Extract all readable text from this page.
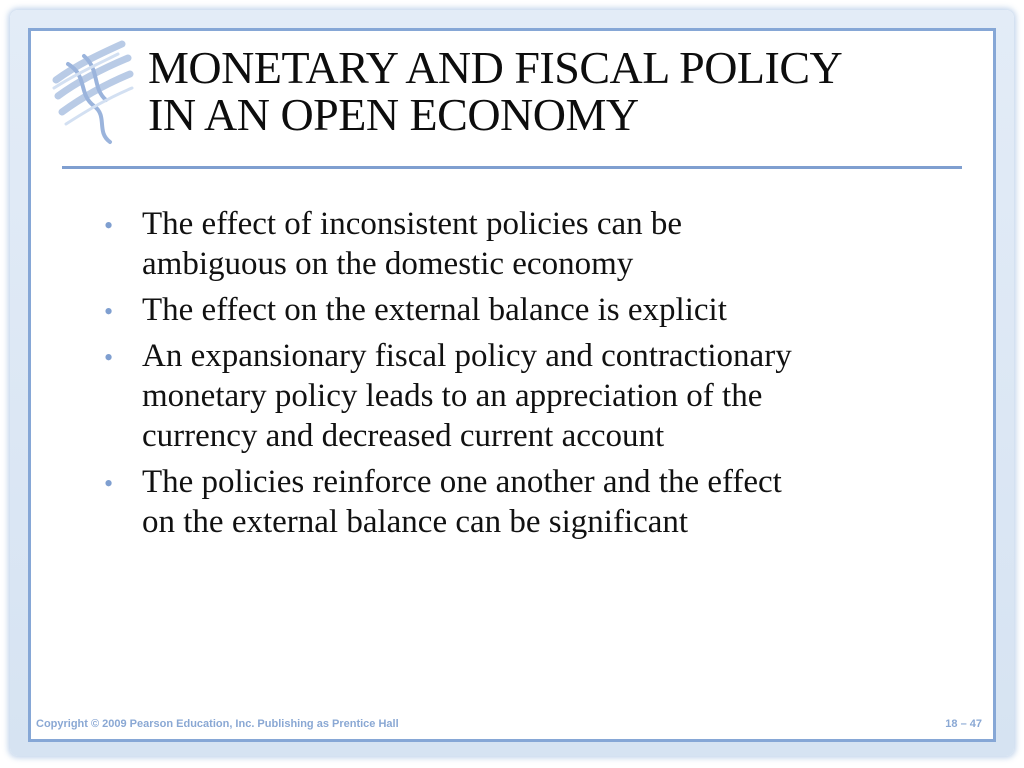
MONETARY AND FISCAL POLICY
IN AN OPEN ECONOMY
• The effect of inconsistent policies can be
ambiguous on the domestic economy
• The effect on the external balance is explicit
• An expansionary fiscal policy and contractionary
monetary policy leads to an appreciation of the
currency and decreased current account
• The policies reinforce one another and the effect
on the external balance can be significant
Copyright © 2009 Pearson Education, Inc. Publishing as Prentice Hall	18 – 47
